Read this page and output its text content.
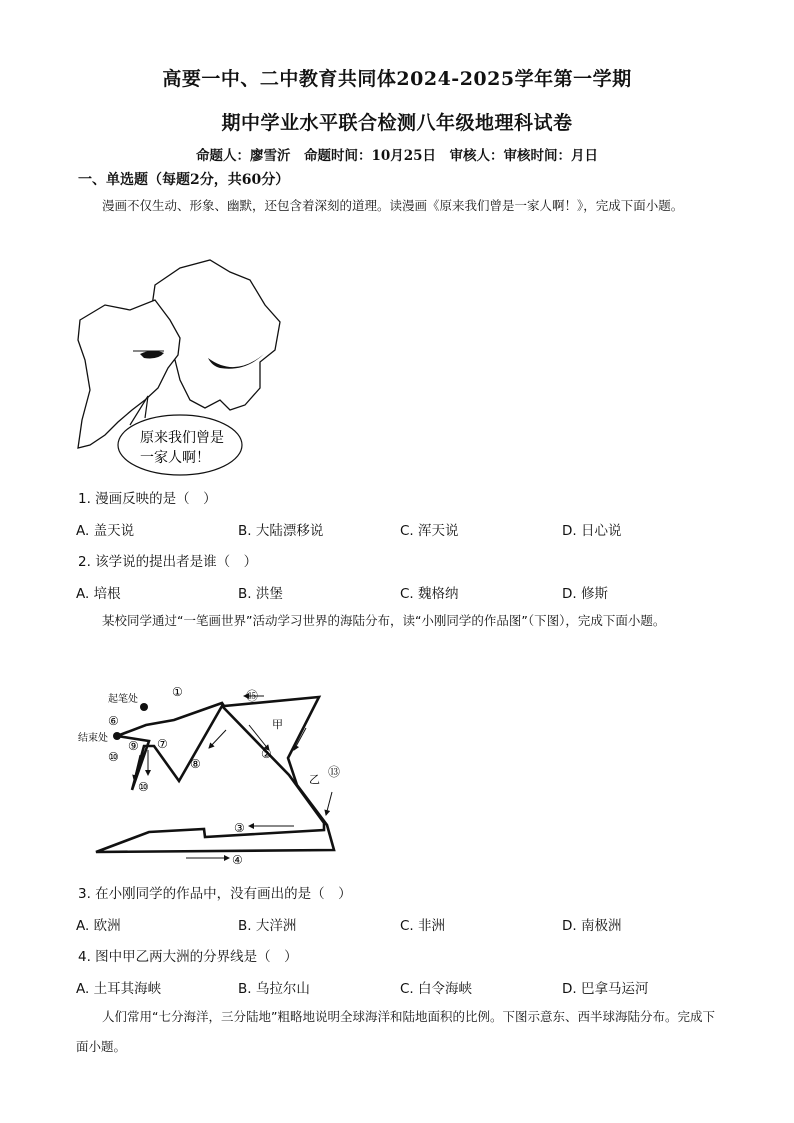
高要一中、二中教育共同体2024-2025学年第一学期
期中学业水平联合检测八年级地理科试卷
命题人：廖雪沂　命题时间：10月25日　审核人：审核时间：月日
一、单选题（每题2分，共60分）
漫画不仅生动、形象、幽默，还包含着深刻的道理。读漫画《原来我们曾是一家人啊！》，完成下面小题。
原来我们曾是
一家人啊！
1. 漫画反映的是（　）
A. 盖天说	B. 大陆漂移说	C. 浑天说	D. 日心说
2. 该学说的提出者是谁（　）
A. 培根	B. 洪堡	C. 魏格纳	D. 修斯
某校同学通过“一笔画世界”活动学习世界的海陆分布，读“小刚同学的作品图”（下图），完成下面小题。
起笔处
结束处
甲
乙
①	⑮
②
⑬
③
④
⑧
⑦
⑥
⑨
⑩
⑩
3. 在小刚同学的作品中，没有画出的是（　）
A. 欧洲	B. 大洋洲	C. 非洲	D. 南极洲
4. 图中甲乙两大洲的分界线是（　）
A. 土耳其海峡	B. 乌拉尔山	C. 白令海峡	D. 巴拿马运河
人们常用“七分海洋，三分陆地”粗略地说明全球海洋和陆地面积的比例。下图示意东、西半球海陆分布。完成下面小题。
